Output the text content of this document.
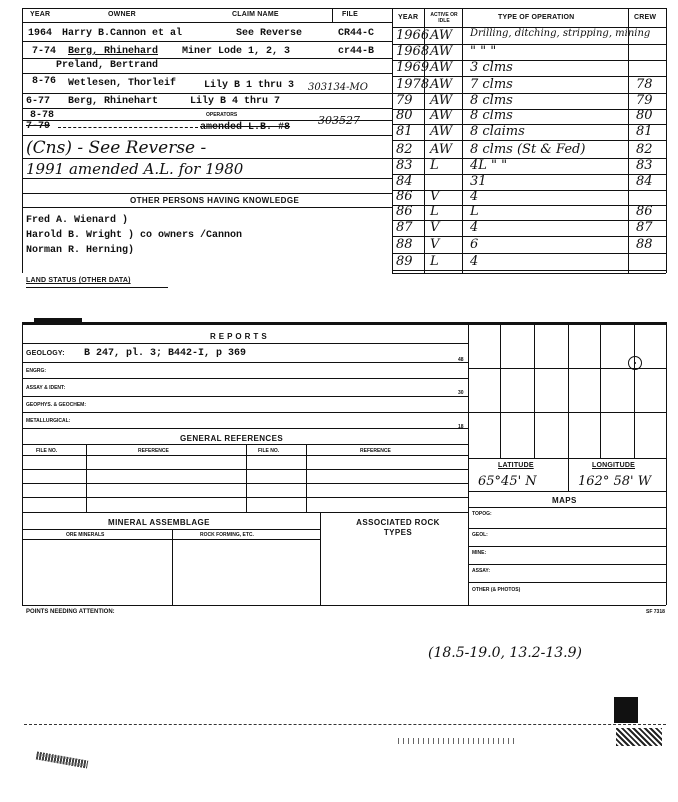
YEAR	OWNER	CLAIM NAME	FILE
1964 Harry B.Cannon et al	See Reverse	CR44-C
7-74 Berg, Rhinehard Miner Lode 1, 2, 3	cr44-B
Preland, Bertrand
8-76 Wetlesen, Thorleif	Lily B 1 thru 3 303134-MO
6-77 Berg, Rhinehart	Lily B 4 thru 7
8-78	OPERATORS
7-79	amended L.B. #8
303527
(Cns) - See Reverse -
1991 amended A.L. for 1980
OTHER PERSONS HAVING KNOWLEDGE
Fred A. Wienard )
Harold B. Wright ) co owners /Cannon
Norman R. Herning)
YEAR	ACTIVE OR IDLE	TYPE OF OPERATION	CREW
1966 AW Drilling, ditching, stripping, mining
1968 AW " " "
1969 AW 3 clms
1978 AW 7 clms	78
79 AW 8 clms	79
80 AW 8 clms	80
81 AW 8 claims	81
82 AW 8 clms (St & Fed)	82
83 L 4L " "	83
84	31	84
86 V 4
86 L L	86
87 V 4	87
88 V 6	88
89 L 4
LAND STATUS (OTHER DATA)
R E P O R T S
GEOLOGY: B 247, pl. 3; B442-I, p 369
ENGRG:
ASSAY & IDENT:
GEOPHYS. & GEOCHEM:
METALLURGICAL:
48
30
18
GENERAL REFERENCES
FILE NO.	REFERENCE	FILE NO.	REFERENCE
MINERAL ASSEMBLAGE	ASSOCIATED ROCK TYPES
ORE MINERALS	ROCK FORMING, ETC.
LATITUDE	LONGITUDE
65°45' N	162° 58' W
MAPS
TOPOG:
GEOL:
MINE:
ASSAY:
OTHER (& PHOTOS)
POINTS NEEDING ATTENTION:	SF 7318
(18.5-19.0, 13.2-13.9)
